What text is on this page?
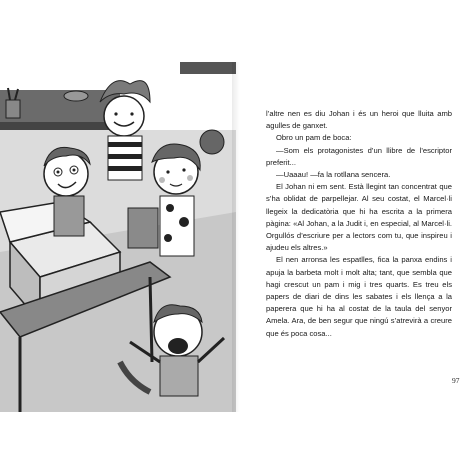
l’altre nen es diu Johan i és un heroi que lluita amb agulles de ganxet.

Obro un pam de boca:

—Som els protagonistes d’un llibre de l’escriptor preferit...

—Uaaau! —fa la rotllana sencera.

El Johan ni em sent. Està llegint tan concentrat que s’ha oblidat de parpellejar. Al seu costat, el Marcel·li llegeix la dedicatòria que hi ha escrita a la primera pàgina: «Al Johan, a la Judit i, en especial, al Marcel·li. Orgullós d’escriure per a lectors com tu, que inspireu i ajudeu els altres.»

El nen arronsa les espatlles, fica la panxa endins i apuja la barbeta molt i molt alta; tant, que sembla que hagi crescut un pam i mig i tres quarts. Es treu els papers de diari de dins les sabates i els llença a la paperera que hi ha al costat de la taula del senyor Amela. Ara, de ben segur que ningú s’atrevirà a creure que és poca cosa...

97
